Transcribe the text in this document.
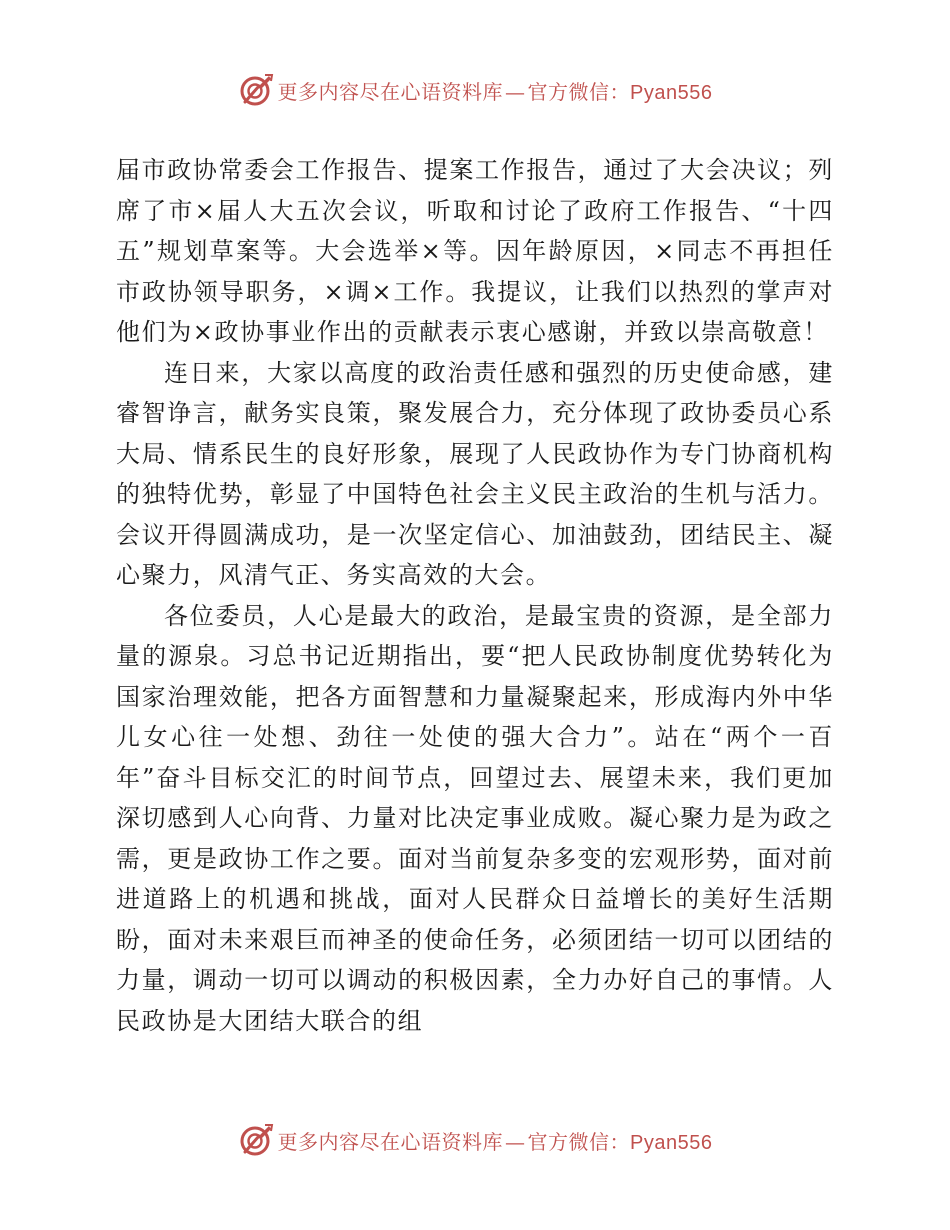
更多内容尽在心语资料库 — 官方微信：Pyan556

届市政协常委会工作报告、提案工作报告，通过了大会决议；列席了市×届人大五次会议，听取和讨论了政府工作报告、“十四五”规划草案等。大会选举×等。因年龄原因，×同志不再担任市政协领导职务，×调×工作。我提议，让我们以热烈的掌声对他们为×政协事业作出的贡献表示衷心感谢，并致以崇高敬意！

连日来，大家以高度的政治责任感和强烈的历史使命感，建睿智诤言，献务实良策，聚发展合力，充分体现了政协委员心系大局、情系民生的良好形象，展现了人民政协作为专门协商机构的独特优势，彰显了中国特色社会主义民主政治的生机与活力。会议开得圆满成功，是一次坚定信心、加油鼓劲，团结民主、凝心聚力，风清气正、务实高效的大会。

各位委员，人心是最大的政治，是最宝贵的资源，是全部力量的源泉。习总书记近期指出，要“把人民政协制度优势转化为国家治理效能，把各方面智慧和力量凝聚起来，形成海内外中华儿女心往一处想、劲往一处使的强大合力”。站在“两个一百年”奋斗目标交汇的时间节点，回望过去、展望未来，我们更加深切感到人心向背、力量对比决定事业成败。凝心聚力是为政之需，更是政协工作之要。面对当前复杂多变的宏观形势，面对前进道路上的机遇和挑战，面对人民群众日益增长的美好生活期盼，面对未来艰巨而神圣的使命任务，必须团结一切可以团结的力量，调动一切可以调动的积极因素，全力办好自己的事情。人民政协是大团结大联合的组

更多内容尽在心语资料库 — 官方微信：Pyan556
